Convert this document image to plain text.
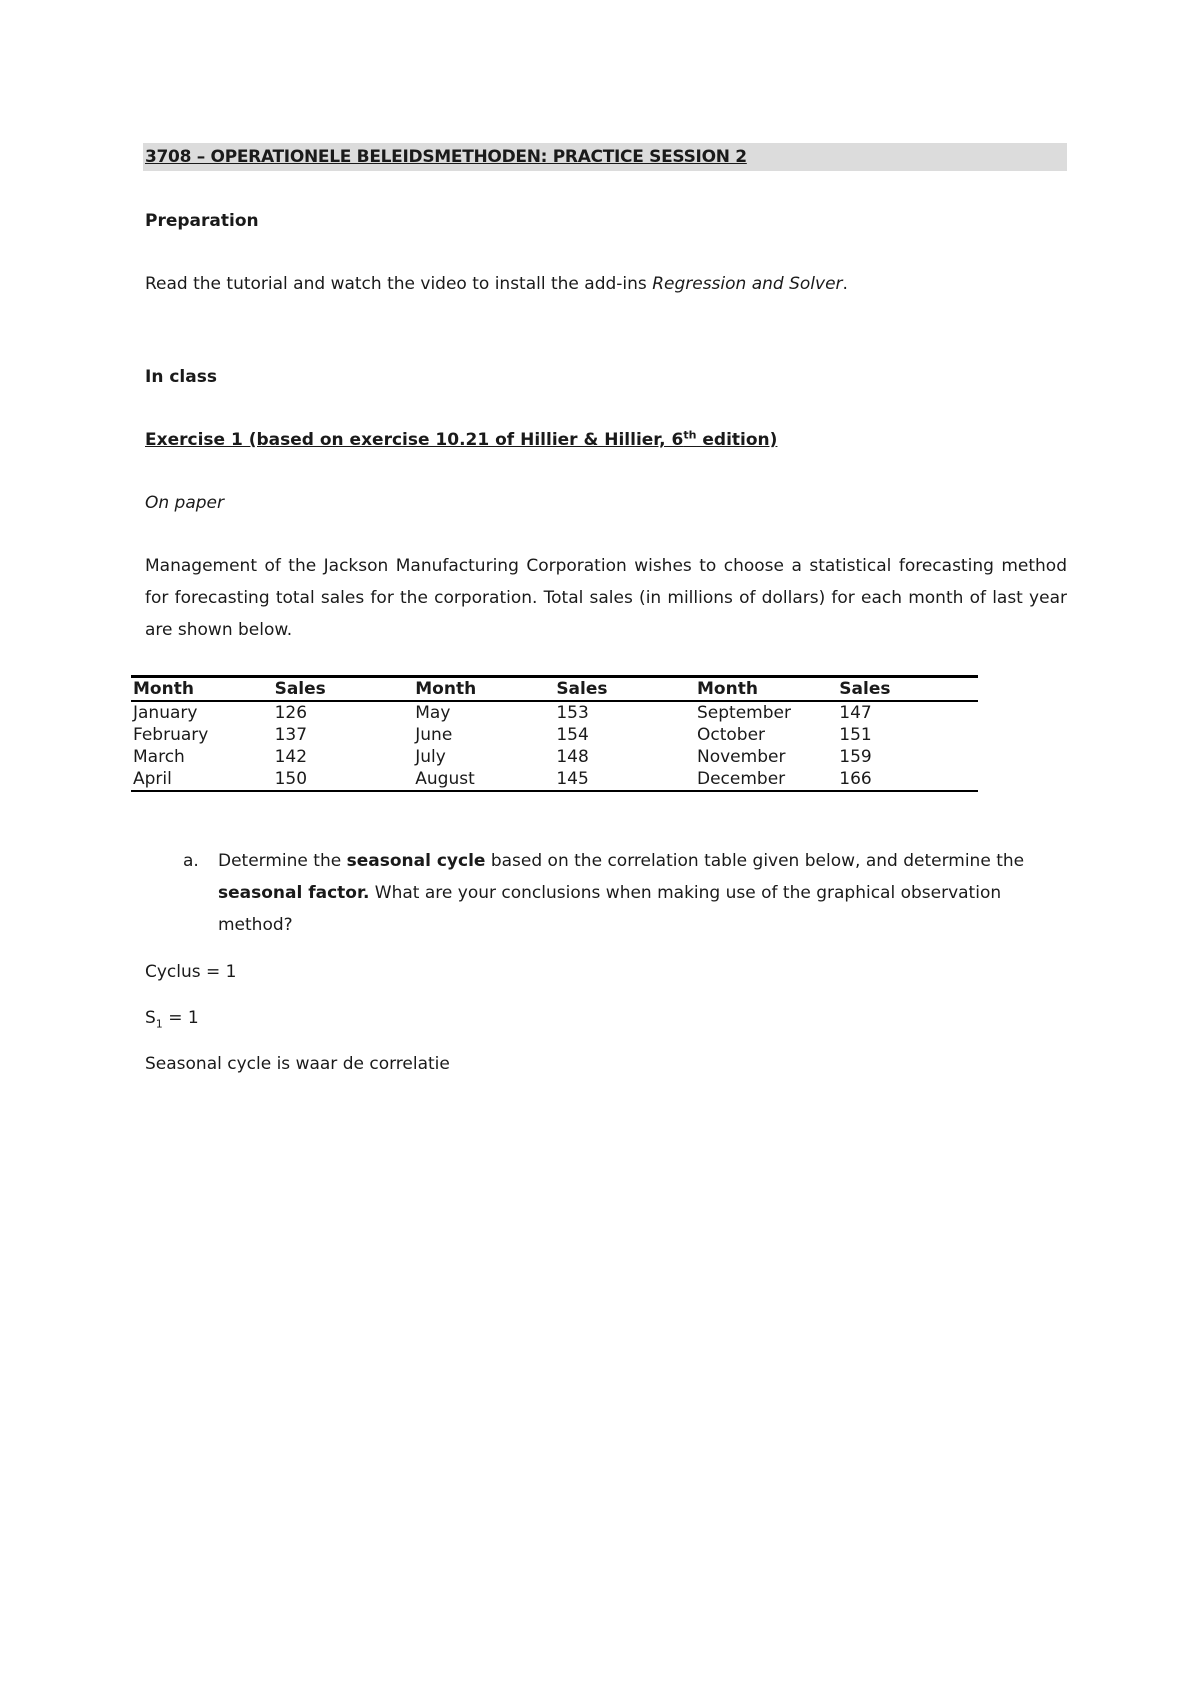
3708 – OPERATIONELE BELEIDSMETHODEN: PRACTICE SESSION 2
Preparation
Read the tutorial and watch the video to install the add-ins Regression and Solver.
In class
Exercise 1 (based on exercise 10.21 of Hillier & Hillier, 6th edition)
On paper
Management of the Jackson Manufacturing Corporation wishes to choose a statistical forecasting method for forecasting total sales for the corporation. Total sales (in millions of dollars) for each month of last year are shown below.
Month	Sales	Month	Sales	Month	Sales
January	126	May	153	September	147
February	137	June	154	October	151
March	142	July	148	November	159
April	150	August	145	December	166
a. Determine the seasonal cycle based on the correlation table given below, and determine the seasonal factor. What are your conclusions when making use of the graphical observation method?
Cyclus = 1
$S_1 = 1$
Seasonal cycle is waar de correlatie
